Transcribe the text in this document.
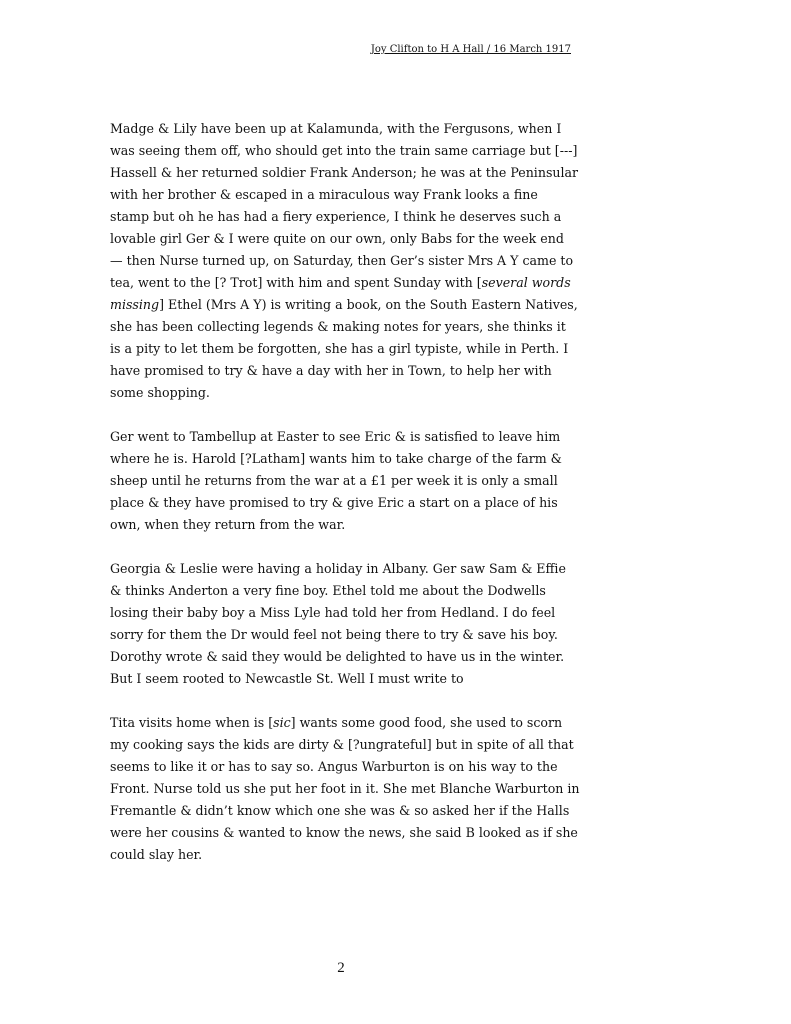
Joy Clifton to H A Hall / 16 March 1917

Madge & Lily have been up at Kalamunda, with the Fergusons, when I was seeing them off, who should get into the train same carriage but [---] Hassell & her returned soldier Frank Anderson; he was at the Peninsular with her brother & escaped in a miraculous way Frank looks a fine stamp but oh he has had a fiery experience, I think he deserves such a lovable girl Ger & I were quite on our own, only Babs for the week end — then Nurse turned up, on Saturday, then Ger’s sister Mrs A Y came to tea, went to the [? Trot] with him and spent Sunday with [several words missing] Ethel (Mrs A Y) is writing a book, on the South Eastern Natives, she has been collecting legends & making notes for years, she thinks it is a pity to let them be forgotten, she has a girl typiste, while in Perth. I have promised to try & have a day with her in Town, to help her with some shopping.

Ger went to Tambellup at Easter to see Eric & is satisfied to leave him where he is. Harold [?Latham] wants him to take charge of the farm & sheep until he returns from the war at a £1 per week it is only a small place & they have promised to try & give Eric a start on a place of his own, when they return from the war.

Georgia & Leslie were having a holiday in Albany. Ger saw Sam & Effie & thinks Anderton a very fine boy. Ethel told me about the Dodwells losing their baby boy a Miss Lyle had told her from Hedland. I do feel sorry for them the Dr would feel not being there to try & save his boy. Dorothy wrote & said they would be delighted to have us in the winter. But I seem rooted to Newcastle St. Well I must write to

Tita visits home when is [sic] wants some good food, she used to scorn my cooking says the kids are dirty & [?ungrateful] but in spite of all that seems to like it or has to say so. Angus Warburton is on his way to the Front. Nurse told us she put her foot in it. She met Blanche Warburton in Fremantle & didn’t know which one she was & so asked her if the Halls were her cousins & wanted to know the news, she said B looked as if she could slay her.

2
